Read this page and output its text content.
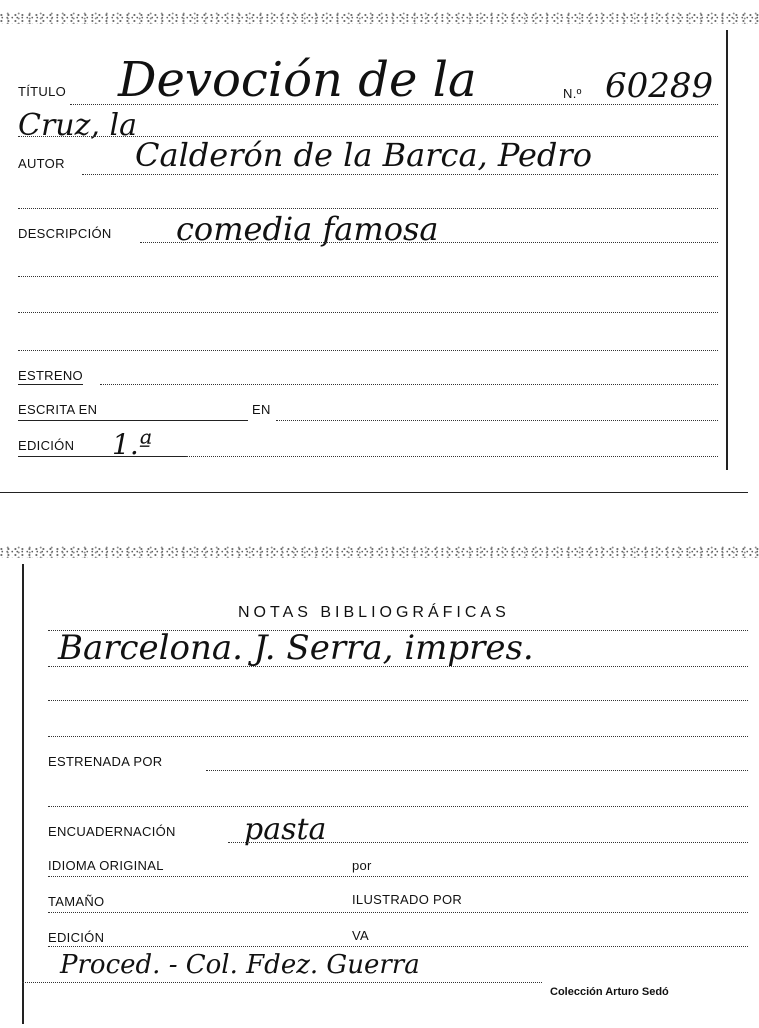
TÍTULO Devoción de la	N.º 60289
Cruz, la
AUTOR Calderón de la Barca, Pedro
DESCRIPCIÓN comedia famosa
ESTRENO
ESCRITA EN	EN
EDICIÓN 1.ª
NOTAS BIBLIOGRÁFICAS
Barcelona. J. Serra, impres.
ESTRENADA POR
ENCUADERNACIÓN pasta
IDIOMA ORIGINAL	por
TAMAÑO	ILUSTRADO POR
EDICIÓN	VA
Proced. - Col. Fdez. Guerra
Colección Arturo Sedó
